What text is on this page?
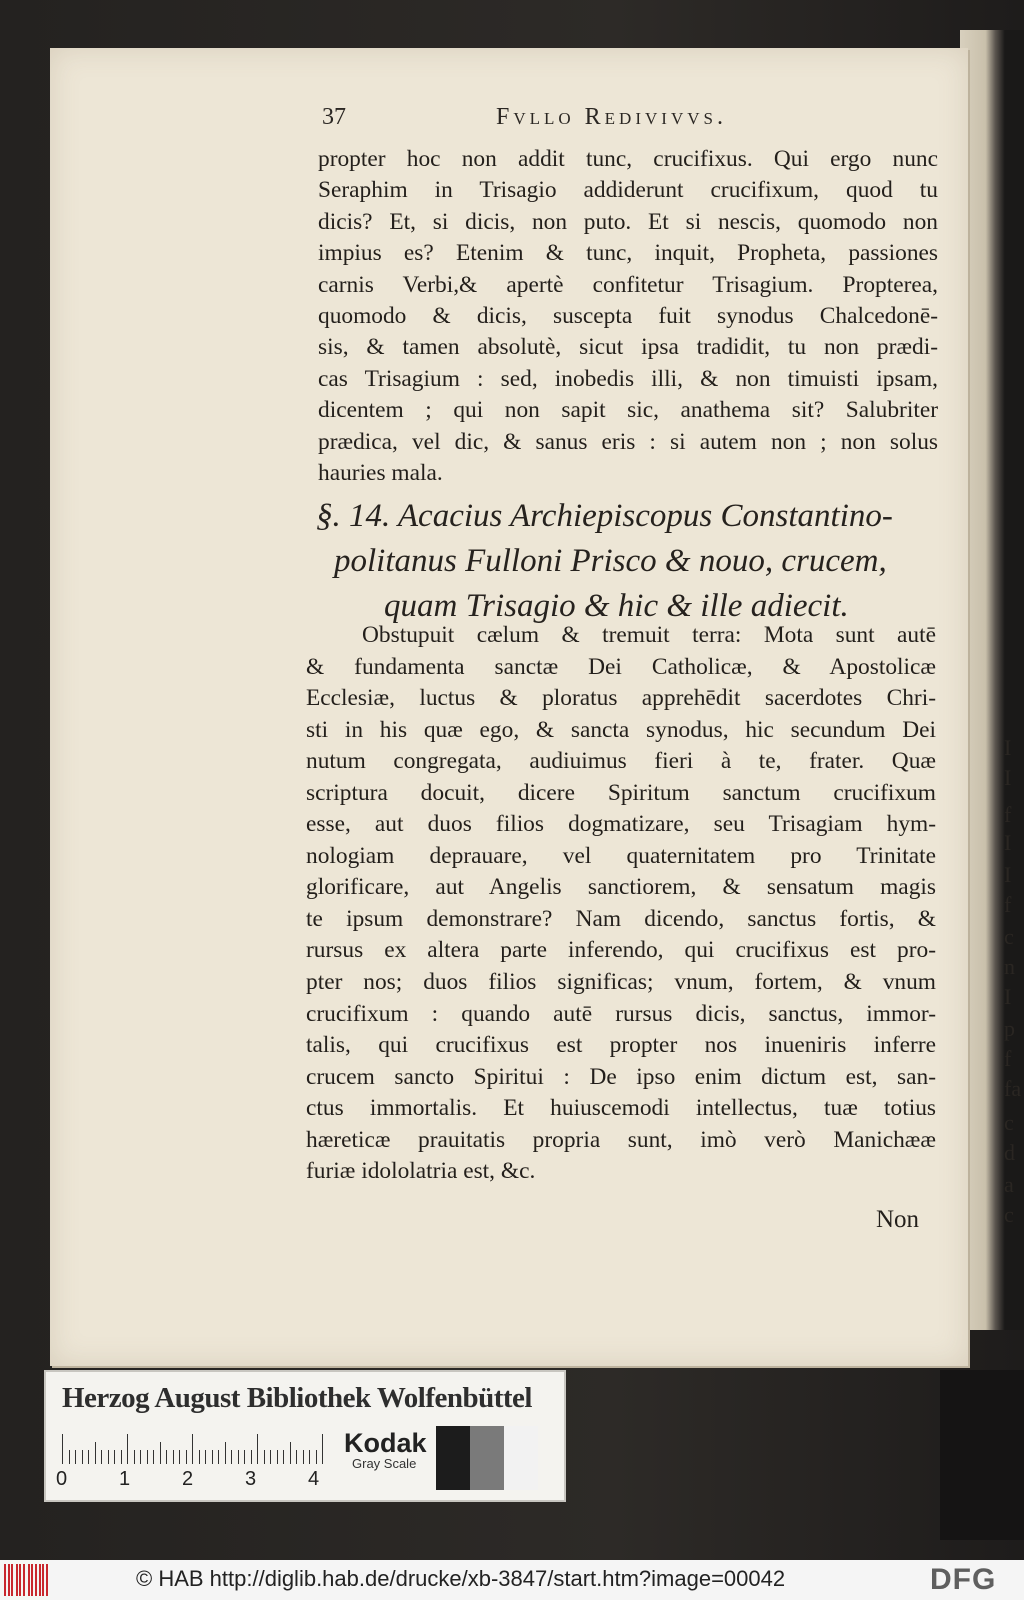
I
I
f
I
I
f
c
n
I
p
f
fa
c
d
a
c
37	Fvllo Redivivvs.
propter hoc non addit tunc, crucifixus. Qui ergo nunc
Seraphim in Trisagio addiderunt crucifixum, quod tu
dicis? Et, si dicis, non puto. Et si nescis, quomodo non
impius es? Etenim & tunc, inquit, Propheta, passiones
carnis Verbi,& apertè confitetur Trisagium. Propterea,
quomodo & dicis, suscepta fuit synodus Chalcedonē-
sis, & tamen absolutè, sicut ipsa tradidit, tu non prædi-
cas Trisagium : sed, inobedis illi, & non timuisti ipsam,
dicentem ; qui non sapit sic, anathema sit? Salubriter
prædica, vel dic, & sanus eris : si autem non ; non solus
hauries mala.
§. 14. Acacius Archiepiscopus Constantino-
politanus Fulloni Prisco & nouo, crucem,
quam Trisagio & hic & ille adiecit.
Obstupuit cælum & tremuit terra: Mota sunt autē
& fundamenta sanctæ Dei Catholicæ, & Apostolicæ
Ecclesiæ, luctus & ploratus apprehēdit sacerdotes Chri-
sti in his quæ ego, & sancta synodus, hic secundum Dei
nutum congregata, audiuimus fieri à te, frater. Quæ
scriptura docuit, dicere Spiritum sanctum crucifixum
esse, aut duos filios dogmatizare, seu Trisagiam hym-
nologiam deprauare, vel quaternitatem pro Trinitate
glorificare, aut Angelis sanctiorem, & sensatum magis
te ipsum demonstrare? Nam dicendo, sanctus fortis, &
rursus ex altera parte inferendo, qui crucifixus est pro-
pter nos; duos filios significas; vnum, fortem, & vnum
crucifixum : quando autē rursus dicis, sanctus, immor-
talis, qui crucifixus est propter nos inueniris inferre
crucem sancto Spiritui : De ipso enim dictum est, san-
ctus immortalis. Et huiuscemodi intellectus, tuæ totius
hæreticæ prauitatis propria sunt, imò verò Manichææ
furiæ idololatria est, &c.
Non
Herzog August Bibliothek Wolfenbüttel
0	1	2	3	4
Kodak
Gray Scale
© HAB http://diglib.hab.de/drucke/xb-3847/start.htm?image=00042	DFG
